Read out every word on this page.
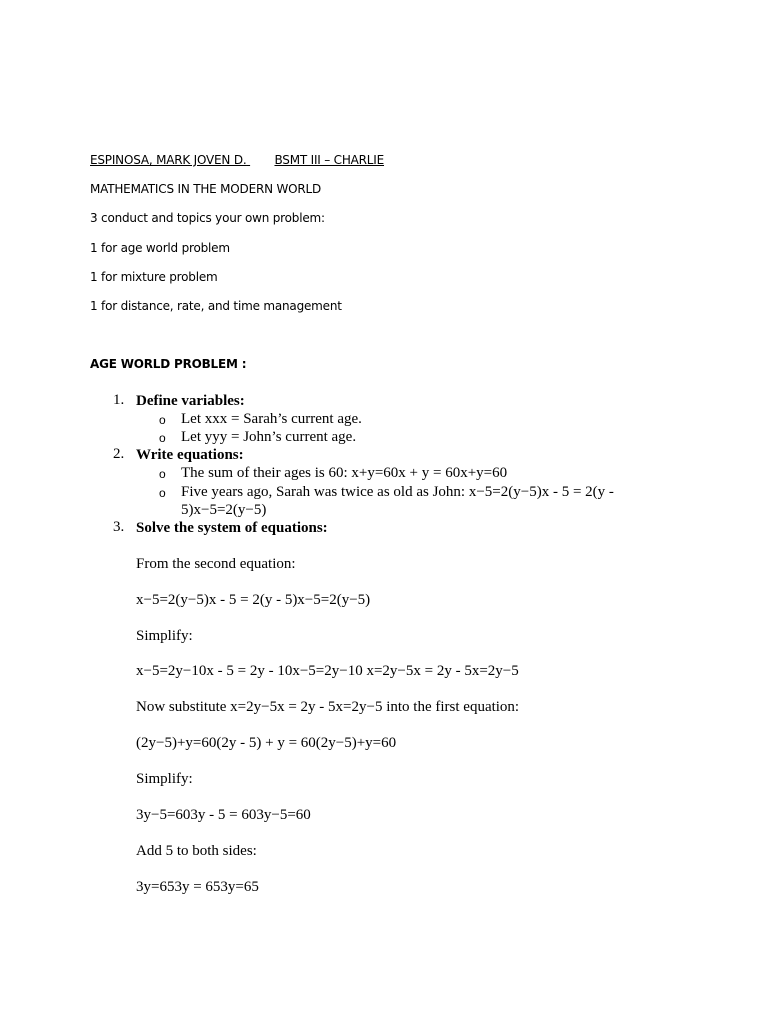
ESPINOSA, MARK JOVEN D. BSMT III – CHARLIE
MATHEMATICS IN THE MODERN WORLD
3 conduct and topics your own problem:
1 for age world problem
1 for mixture problem
1 for distance, rate, and time management
AGE WORLD PROBLEM :
1. Define variables:
o Let xxx = Sarah’s current age.
o Let yyy = John’s current age.
2. Write equations:
o The sum of their ages is 60: x+y=60x + y = 60x+y=60
o Five years ago, Sarah was twice as old as John: x−5=2(y−5)x - 5 = 2(y -
5)x−5=2(y−5)
3. Solve the system of equations:
From the second equation:
x−5=2(y−5)x - 5 = 2(y - 5)x−5=2(y−5)
Simplify:
x−5=2y−10x - 5 = 2y - 10x−5=2y−10 x=2y−5x = 2y - 5x=2y−5
Now substitute x=2y−5x = 2y - 5x=2y−5 into the first equation:
(2y−5)+y=60(2y - 5) + y = 60(2y−5)+y=60
Simplify:
3y−5=603y - 5 = 603y−5=60
Add 5 to both sides:
3y=653y = 653y=65
